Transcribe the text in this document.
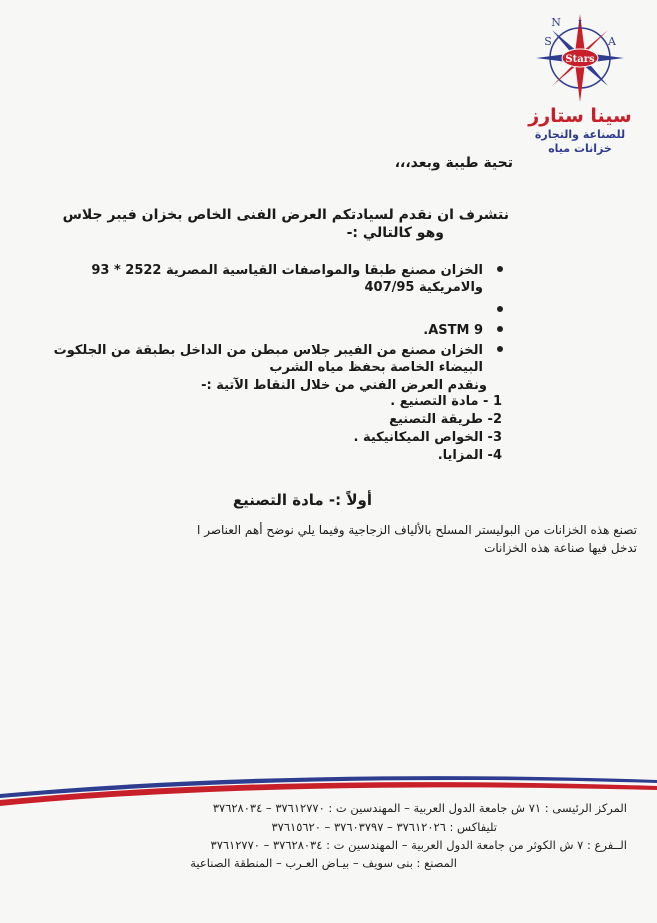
Stars
I
S	A
N
سينا ستارز
للصناعة والتجارة
خزانات مياه
تحية طيبة وبعد،،،
نتشرف ان نقدم لسيادتكم العرض الفنى الخاص بخزان فيبر جلاس
وهو كالتالي :-
الخزان مصنع طبقا والمواصفات القياسية المصرية 2522 * 93 والامريكية 407/95
ASTM 9.
الخزان مصنع من الفيبر جلاس مبطن من الداخل بطبقة من الجلكوت البيضاء الخاصة بحفظ مياه الشرب
ونقدم العرض الفني من خلال النقاط الآتية :-
1 - مادة التصنيع .
2- طريقة التصنيع
3- الخواص الميكانيكية .
4- المزايا.
أولاً :- مادة التصنيع
تصنع هذه الخزانات من البوليستر المسلح بالألياف الزجاجية وفيما يلي نوضح أهم العناصر ا
تدخل فيها صناعة هذه الخزانات
المركز الرئيسى : ٧١ ش جامعة الدول العربية – المهندسين ت : ٣٧٦١٢٧٧٠ – ٣٧٦٢٨٠٣٤
تليفاكس : ٣٧٦١٢٠٢٦ – ٣٧٦٠٣٧٩٧ – ٣٧٦١٥٦٢٠
الــفرع : ٧ ش الكوثر من جامعة الدول العربية – المهندسين ت : ٣٧٦٢٨٠٣٤ – ٣٧٦١٢٧٧٠
المصنع : بنى سويف – بيـاض العـرب – المنطقة الصناعية
